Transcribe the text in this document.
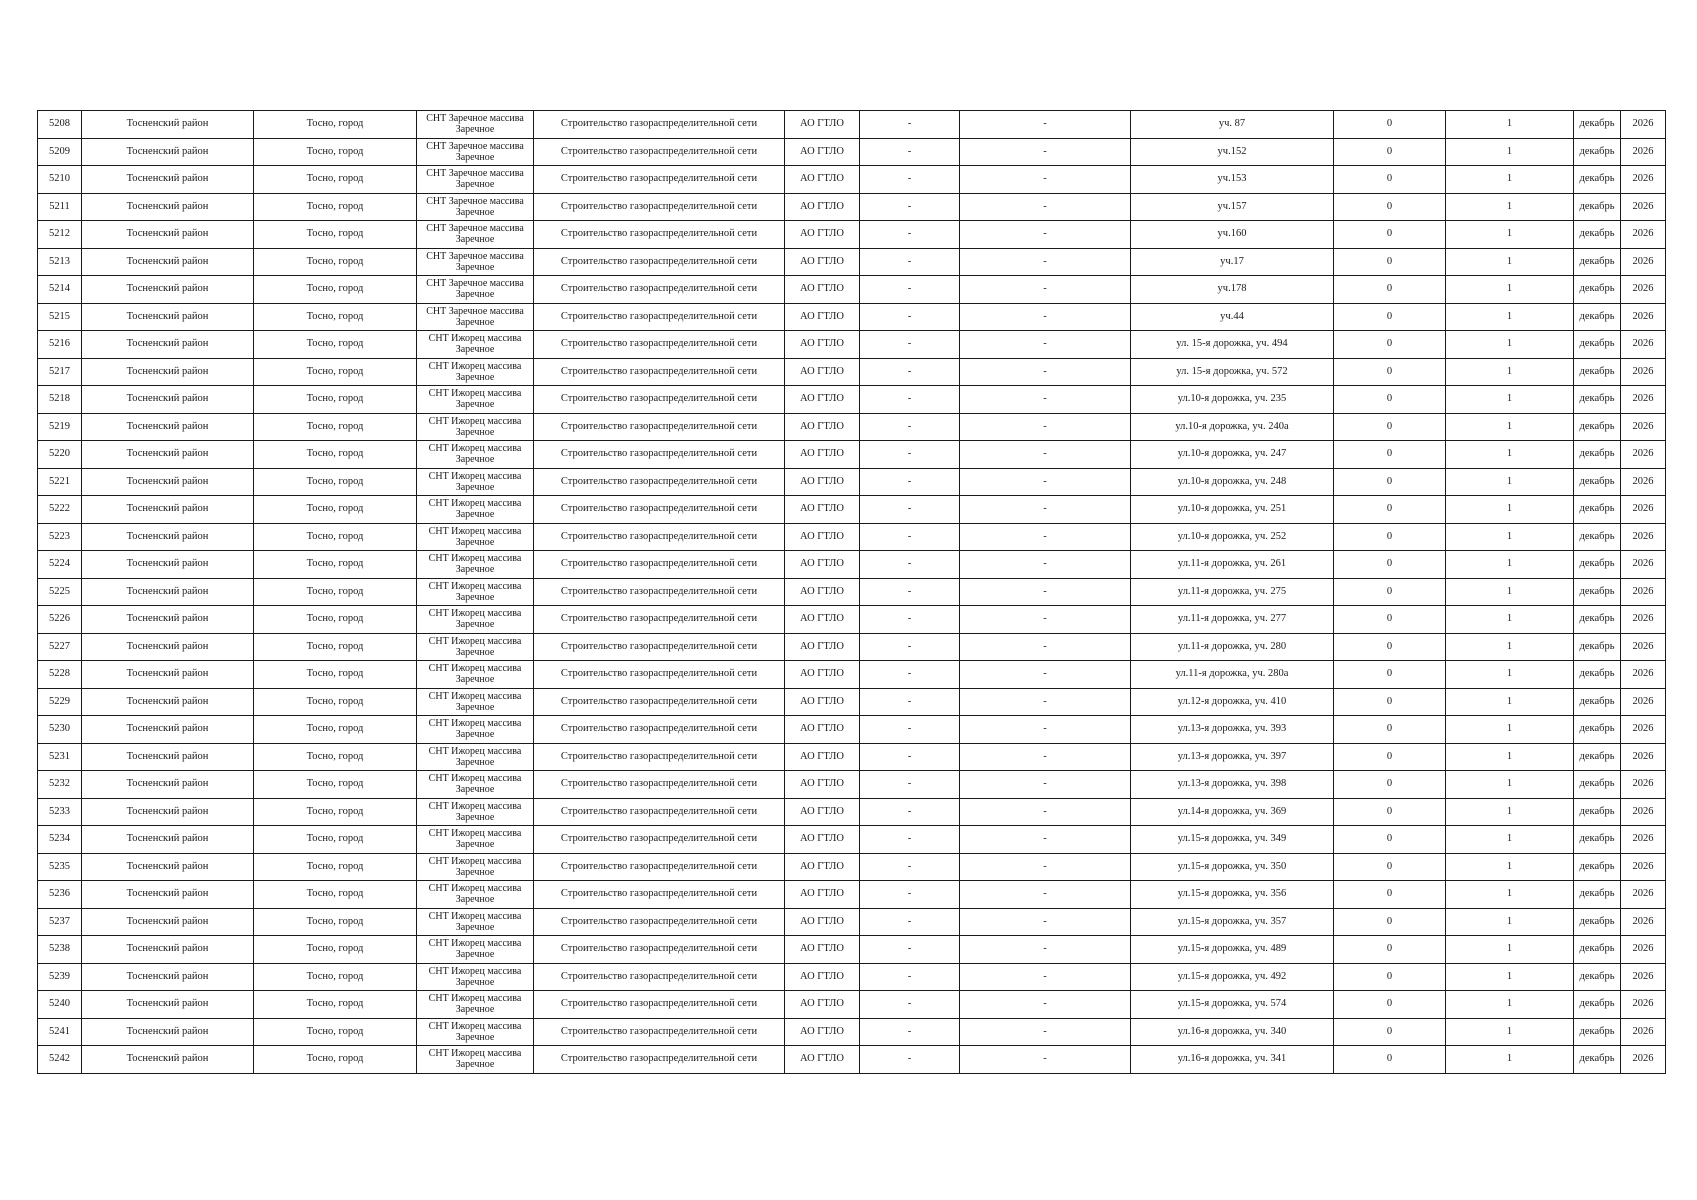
5208	Тосненский район	Тосно, город	СНТ Заречное массива Заречное	Строительство газораспределительной сети	АО ГТЛО	-	-	уч. 87	0	1	декабрь	2026
5209	Тосненский район	Тосно, город	СНТ Заречное массива Заречное	Строительство газораспределительной сети	АО ГТЛО	-	-	уч.152	0	1	декабрь	2026
5210	Тосненский район	Тосно, город	СНТ Заречное массива Заречное	Строительство газораспределительной сети	АО ГТЛО	-	-	уч.153	0	1	декабрь	2026
5211	Тосненский район	Тосно, город	СНТ Заречное массива Заречное	Строительство газораспределительной сети	АО ГТЛО	-	-	уч.157	0	1	декабрь	2026
5212	Тосненский район	Тосно, город	СНТ Заречное массива Заречное	Строительство газораспределительной сети	АО ГТЛО	-	-	уч.160	0	1	декабрь	2026
5213	Тосненский район	Тосно, город	СНТ Заречное массива Заречное	Строительство газораспределительной сети	АО ГТЛО	-	-	уч.17	0	1	декабрь	2026
5214	Тосненский район	Тосно, город	СНТ Заречное массива Заречное	Строительство газораспределительной сети	АО ГТЛО	-	-	уч.178	0	1	декабрь	2026
5215	Тосненский район	Тосно, город	СНТ Заречное массива Заречное	Строительство газораспределительной сети	АО ГТЛО	-	-	уч.44	0	1	декабрь	2026
5216	Тосненский район	Тосно, город	СНТ Ижорец массива Заречное	Строительство газораспределительной сети	АО ГТЛО	-	-	ул. 15-я дорожка, уч. 494	0	1	декабрь	2026
5217	Тосненский район	Тосно, город	СНТ Ижорец массива Заречное	Строительство газораспределительной сети	АО ГТЛО	-	-	ул. 15-я дорожка, уч. 572	0	1	декабрь	2026
5218	Тосненский район	Тосно, город	СНТ Ижорец массива Заречное	Строительство газораспределительной сети	АО ГТЛО	-	-	ул.10-я дорожка, уч. 235	0	1	декабрь	2026
5219	Тосненский район	Тосно, город	СНТ Ижорец массива Заречное	Строительство газораспределительной сети	АО ГТЛО	-	-	ул.10-я дорожка, уч. 240а	0	1	декабрь	2026
5220	Тосненский район	Тосно, город	СНТ Ижорец массива Заречное	Строительство газораспределительной сети	АО ГТЛО	-	-	ул.10-я дорожка, уч. 247	0	1	декабрь	2026
5221	Тосненский район	Тосно, город	СНТ Ижорец массива Заречное	Строительство газораспределительной сети	АО ГТЛО	-	-	ул.10-я дорожка, уч. 248	0	1	декабрь	2026
5222	Тосненский район	Тосно, город	СНТ Ижорец массива Заречное	Строительство газораспределительной сети	АО ГТЛО	-	-	ул.10-я дорожка, уч. 251	0	1	декабрь	2026
5223	Тосненский район	Тосно, город	СНТ Ижорец массива Заречное	Строительство газораспределительной сети	АО ГТЛО	-	-	ул.10-я дорожка, уч. 252	0	1	декабрь	2026
5224	Тосненский район	Тосно, город	СНТ Ижорец массива Заречное	Строительство газораспределительной сети	АО ГТЛО	-	-	ул.11-я дорожка, уч. 261	0	1	декабрь	2026
5225	Тосненский район	Тосно, город	СНТ Ижорец массива Заречное	Строительство газораспределительной сети	АО ГТЛО	-	-	ул.11-я дорожка, уч. 275	0	1	декабрь	2026
5226	Тосненский район	Тосно, город	СНТ Ижорец массива Заречное	Строительство газораспределительной сети	АО ГТЛО	-	-	ул.11-я дорожка, уч. 277	0	1	декабрь	2026
5227	Тосненский район	Тосно, город	СНТ Ижорец массива Заречное	Строительство газораспределительной сети	АО ГТЛО	-	-	ул.11-я дорожка, уч. 280	0	1	декабрь	2026
5228	Тосненский район	Тосно, город	СНТ Ижорец массива Заречное	Строительство газораспределительной сети	АО ГТЛО	-	-	ул.11-я дорожка, уч. 280а	0	1	декабрь	2026
5229	Тосненский район	Тосно, город	СНТ Ижорец массива Заречное	Строительство газораспределительной сети	АО ГТЛО	-	-	ул.12-я дорожка, уч. 410	0	1	декабрь	2026
5230	Тосненский район	Тосно, город	СНТ Ижорец массива Заречное	Строительство газораспределительной сети	АО ГТЛО	-	-	ул.13-я дорожка, уч. 393	0	1	декабрь	2026
5231	Тосненский район	Тосно, город	СНТ Ижорец массива Заречное	Строительство газораспределительной сети	АО ГТЛО	-	-	ул.13-я дорожка, уч. 397	0	1	декабрь	2026
5232	Тосненский район	Тосно, город	СНТ Ижорец массива Заречное	Строительство газораспределительной сети	АО ГТЛО	-	-	ул.13-я дорожка, уч. 398	0	1	декабрь	2026
5233	Тосненский район	Тосно, город	СНТ Ижорец массива Заречное	Строительство газораспределительной сети	АО ГТЛО	-	-	ул.14-я дорожка, уч. 369	0	1	декабрь	2026
5234	Тосненский район	Тосно, город	СНТ Ижорец массива Заречное	Строительство газораспределительной сети	АО ГТЛО	-	-	ул.15-я дорожка, уч. 349	0	1	декабрь	2026
5235	Тосненский район	Тосно, город	СНТ Ижорец массива Заречное	Строительство газораспределительной сети	АО ГТЛО	-	-	ул.15-я дорожка, уч. 350	0	1	декабрь	2026
5236	Тосненский район	Тосно, город	СНТ Ижорец массива Заречное	Строительство газораспределительной сети	АО ГТЛО	-	-	ул.15-я дорожка, уч. 356	0	1	декабрь	2026
5237	Тосненский район	Тосно, город	СНТ Ижорец массива Заречное	Строительство газораспределительной сети	АО ГТЛО	-	-	ул.15-я дорожка, уч. 357	0	1	декабрь	2026
5238	Тосненский район	Тосно, город	СНТ Ижорец массива Заречное	Строительство газораспределительной сети	АО ГТЛО	-	-	ул.15-я дорожка, уч. 489	0	1	декабрь	2026
5239	Тосненский район	Тосно, город	СНТ Ижорец массива Заречное	Строительство газораспределительной сети	АО ГТЛО	-	-	ул.15-я дорожка, уч. 492	0	1	декабрь	2026
5240	Тосненский район	Тосно, город	СНТ Ижорец массива Заречное	Строительство газораспределительной сети	АО ГТЛО	-	-	ул.15-я дорожка, уч. 574	0	1	декабрь	2026
5241	Тосненский район	Тосно, город	СНТ Ижорец массива Заречное	Строительство газораспределительной сети	АО ГТЛО	-	-	ул.16-я дорожка, уч. 340	0	1	декабрь	2026
5242	Тосненский район	Тосно, город	СНТ Ижорец массива Заречное	Строительство газораспределительной сети	АО ГТЛО	-	-	ул.16-я дорожка, уч. 341	0	1	декабрь	2026
